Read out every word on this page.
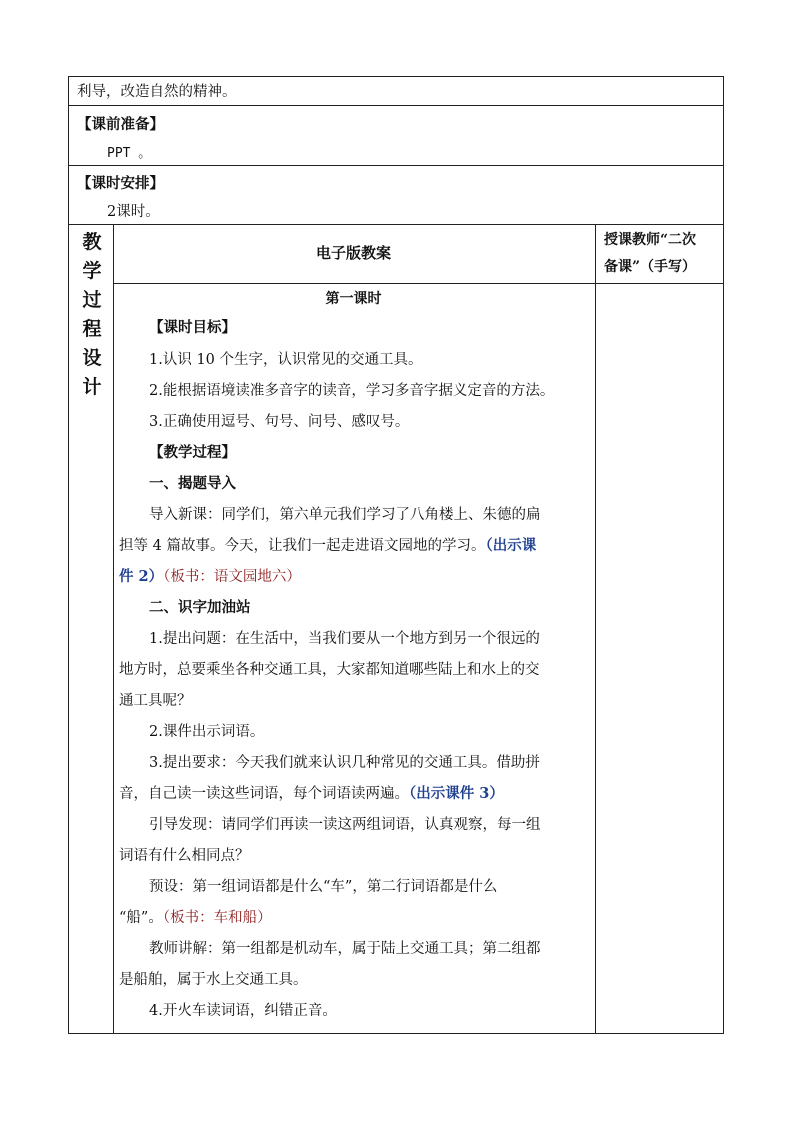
利导，改造自然的精神。
【课前准备】
PPT 。
【课时安排】
2课时。
教
学
过
程
设
计
电子版教案
授课教师“二次
备课”（手写）
第一课时
【课时目标】
1.认识 10 个生字，认识常见的交通工具。
2.能根据语境读准多音字的读音，学习多音字据义定音的方法。
3.正确使用逗号、句号、问号、感叹号。
【教学过程】
一、揭题导入
导入新课：同学们，第六单元我们学习了八角楼上、朱德的扁
担等 4 篇故事。今天，让我们一起走进语文园地的学习。（出示课
件 2）（板书：语文园地六）
二、识字加油站
1.提出问题：在生活中，当我们要从一个地方到另一个很远的
地方时，总要乘坐各种交通工具，大家都知道哪些陆上和水上的交
通工具呢？
2.课件出示词语。
3.提出要求：今天我们就来认识几种常见的交通工具。借助拼
音，自己读一读这些词语，每个词语读两遍。（出示课件 3）
引导发现：请同学们再读一读这两组词语，认真观察，每一组
词语有什么相同点？
预设：第一组词语都是什么“车”，第二行词语都是什么
“船”。（板书：车和船）
教师讲解：第一组都是机动车，属于陆上交通工具；第二组都
是船舶，属于水上交通工具。
4.开火车读词语，纠错正音。
